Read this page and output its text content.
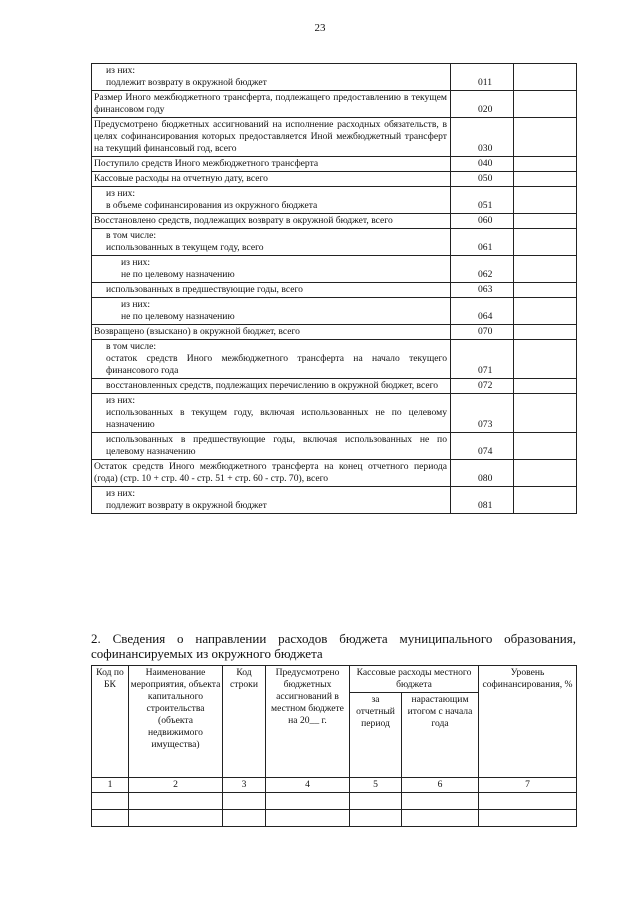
23
из них:
подлежит возврату в окружной бюджет	011	

Размер Иного межбюджетного трансферта, подлежащего предоставлению в текущем финансовом году	020	

Предусмотрено бюджетных ассигнований на исполнение расходных обязательств, в целях софинансирования которых предоставляется Иной межбюджетный трансферт на текущий финансовый год, всего	030	

Поступило средств Иного межбюджетного трансферта	040	

Кассовые расходы на отчетную дату, всего	050	

из них:
в объеме софинансирования из окружного бюджета	051	

Восстановлено средств, подлежащих возврату в окружной бюджет, всего	060	

в том числе:
использованных в текущем году, всего	061	

из них:
не по целевому назначению	062	

использованных в предшествующие годы, всего	063	

из них:
не по целевому назначению	064	

Возвращено (взыскано) в окружной бюджет, всего	070	

в том числе:
остаток средств Иного межбюджетного трансферта на начало текущего финансового года	071	

восстановленных средств, подлежащих перечислению в окружной бюджет, всего	072	

из них:
использованных в текущем году, включая использованных не по целевому назначению	073	

использованных в предшествующие годы, включая использованных не по целевому назначению	074	

Остаток средств Иного межбюджетного трансферта на конец отчетного периода (года) (стр. 10 + стр. 40 - стр. 51 + стр. 60 - стр. 70), всего	080	

из них:
подлежит возврату в окружной бюджет	081	
2. Сведения о направлении расходов бюджета муниципального образования, софинансируемых из окружного бюджета
Код по БК	Наименование мероприятия, объекта капитального строительства (объекта недвижимого имущества)	Код строки	Предусмотрено бюджетных ассигнований в местном бюджете на 20__ г.	Кассовые расходы местного бюджета		Уровень софинансирования, %
				за отчетный период	нарастающим итогом с начала года	
1	2	3	4	5	6	7
